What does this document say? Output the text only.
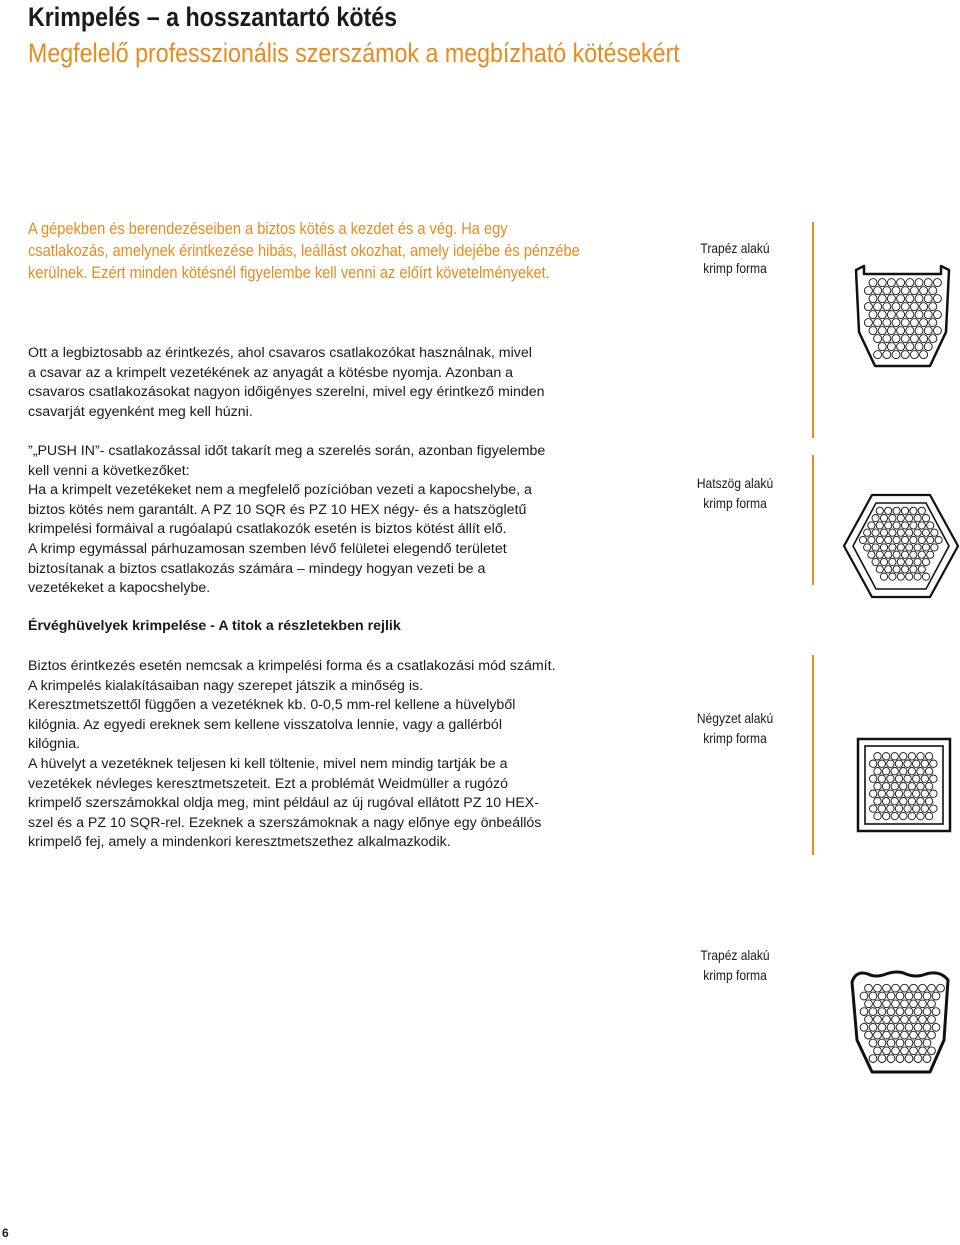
Krimpelés – a hosszantartó kötés
Megfelelő professzionális szerszámok a megbízható kötésekért
A gépekben és berendezéseiben a biztos kötés a kezdet és a vég. Ha egy
csatlakozás, amelynek érintkezése hibás, leállást okozhat, amely idejébe és pénzébe
kerülnek. Ezért minden kötésnél figyelembe kell venni az előírt követelményeket.
Ott a legbiztosabb az érintkezés, ahol csavaros csatlakozókat használnak, mivel
a csavar az a krimpelt vezetékének az anyagát a kötésbe nyomja. Azonban a
csavaros csatlakozásokat nagyon időigényes szerelni, mivel egy érintkező minden
csavarját egyenként meg kell húzni.
”„PUSH IN”- csatlakozással időt takarít meg a szerelés során, azonban figyelembe
kell venni a következőket:
Ha a krimpelt vezetékeket nem a megfelelő pozícióban vezeti a kapocshelybe, a
biztos kötés nem garantált. A PZ 10 SQR és PZ 10 HEX négy- és a hatszögletű
krimpelési formáival a rugóalapú csatlakozók esetén is biztos kötést állít elő.
A krimp egymással párhuzamosan szemben lévő felületei elegendő területet
biztosítanak a biztos csatlakozás számára – mindegy hogyan vezeti be a
vezetékeket a kapocshelybe.
Érvéghüvelyek krimpelése - A titok a részletekben rejlik
Biztos érintkezés esetén nemcsak a krimpelési forma és a csatlakozási mód számít.
A krimpelés kialakításaiban nagy szerepet játszik a minőség is.
Keresztmetszettől függően a vezetéknek kb. 0-0,5 mm-rel kellene a hüvelyből
kilógnia. Az egyedi ereknek sem kellene visszatolva lennie, vagy a gallérból
kilógnia.
A hüvelyt a vezetéknek teljesen ki kell töltenie, mivel nem mindig tartják be a
vezetékek névleges keresztmetszeteit. Ezt a problémát Weidmüller a rugózó
krimpelő szerszámokkal oldja meg, mint például az új rugóval ellátott PZ 10 HEX-
szel és a PZ 10 SQR-rel. Ezeknek a szerszámoknak a nagy előnye egy önbeállós
krimpelő fej, amely a mindenkori keresztmetszethez alkalmazkodik.
Trapéz alakú
krimp forma
Hatszög alakú
krimp forma
Négyzet alakú
krimp forma
Trapéz alakú
krimp forma
6
